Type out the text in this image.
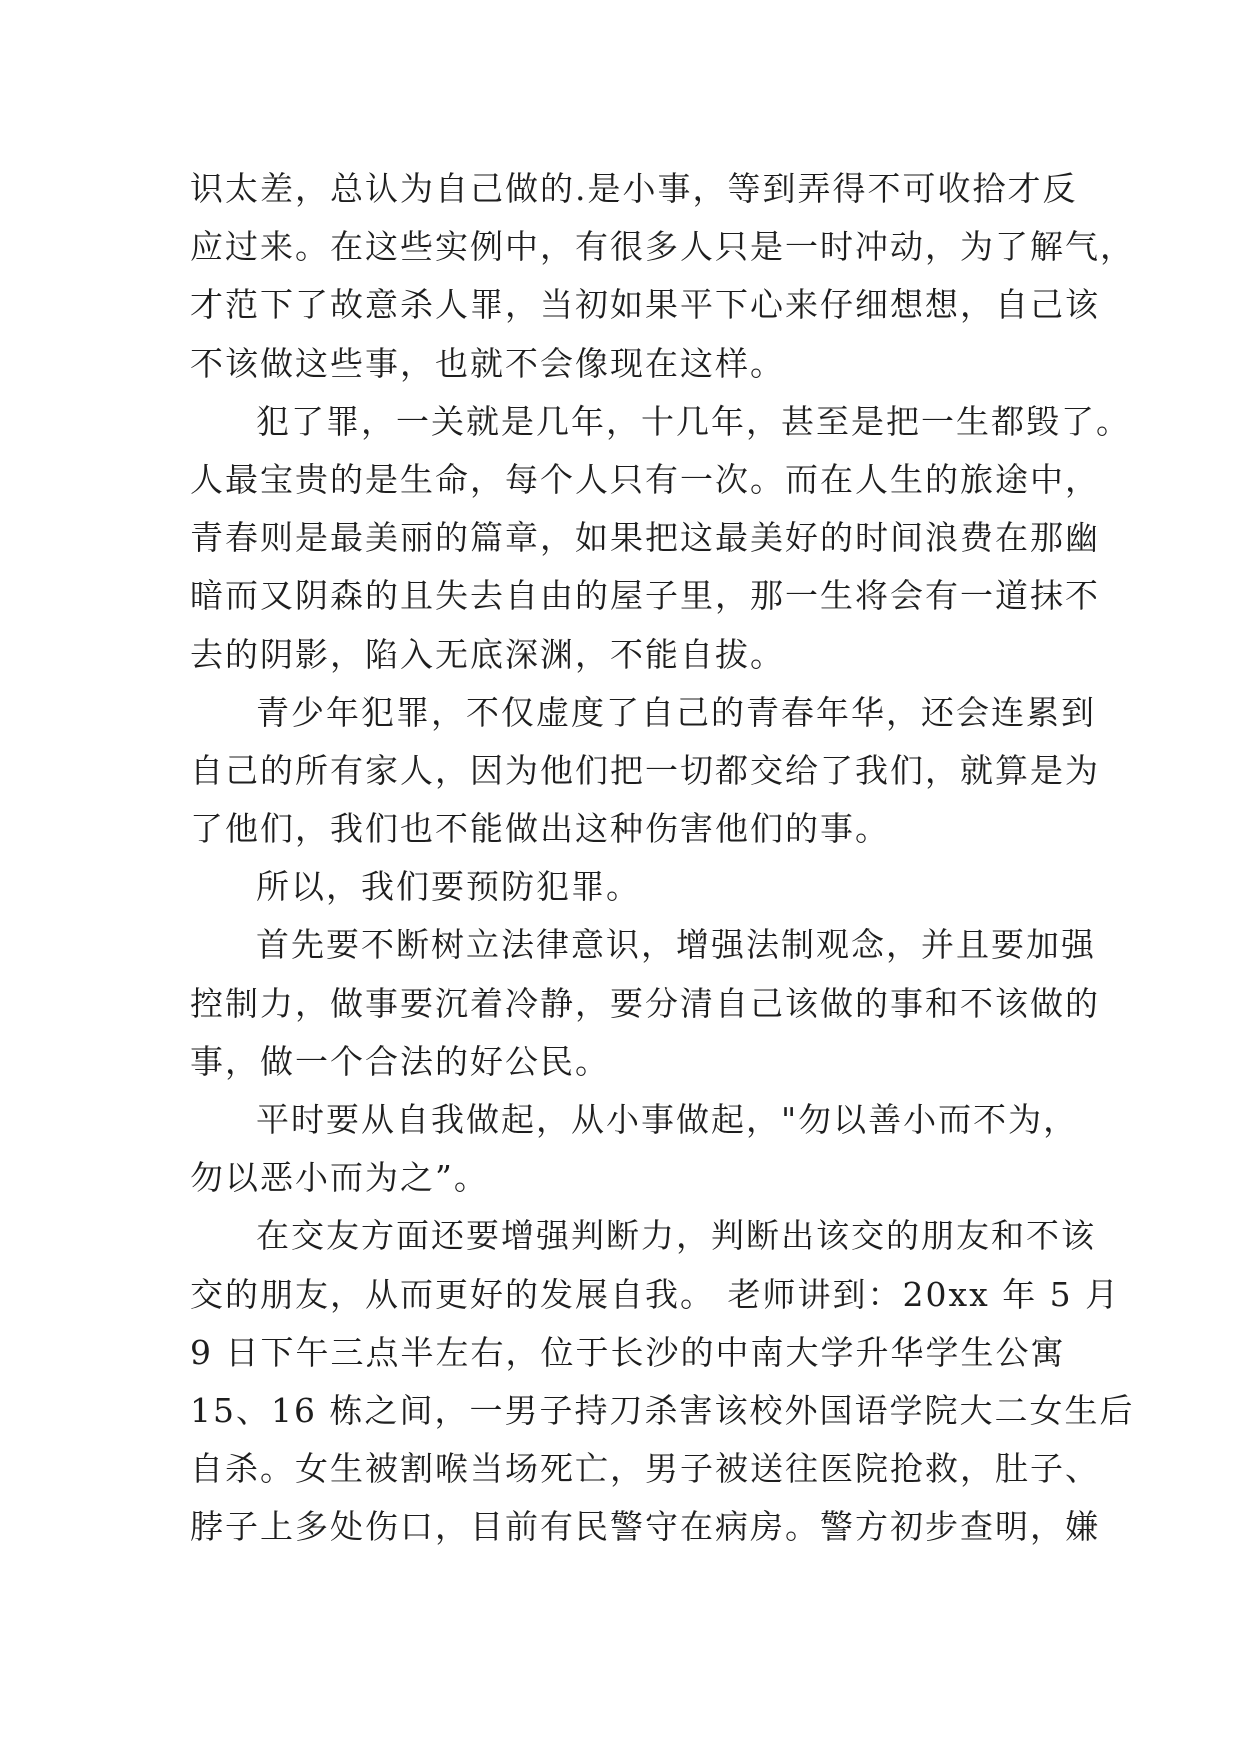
识太差，总认为自己做的.是小事，等到弄得不可收拾才反
应过来。在这些实例中，有很多人只是一时冲动，为了解气，
才范下了故意杀人罪，当初如果平下心来仔细想想，自己该
不该做这些事，也就不会像现在这样。
犯了罪，一关就是几年，十几年，甚至是把一生都毁了。
人最宝贵的是生命，每个人只有一次。而在人生的旅途中，
青春则是最美丽的篇章，如果把这最美好的时间浪费在那幽
暗而又阴森的且失去自由的屋子里，那一生将会有一道抹不
去的阴影，陷入无底深渊，不能自拔。
青少年犯罪，不仅虚度了自己的青春年华，还会连累到
自己的所有家人，因为他们把一切都交给了我们，就算是为
了他们，我们也不能做出这种伤害他们的事。
所以，我们要预防犯罪。
首先要不断树立法律意识，增强法制观念，并且要加强
控制力，做事要沉着冷静，要分清自己该做的事和不该做的
事，做一个合法的好公民。
平时要从自我做起，从小事做起，"勿以善小而不为，
勿以恶小而为之”。
在交友方面还要增强判断力，判断出该交的朋友和不该
交的朋友，从而更好的发展自我。 老师讲到：20xx 年 5 月
9 日下午三点半左右，位于长沙的中南大学升华学生公寓
15、16 栋之间，一男子持刀杀害该校外国语学院大二女生后
自杀。女生被割喉当场死亡，男子被送往医院抢救，肚子、
脖子上多处伤口，目前有民警守在病房。警方初步查明，嫌
